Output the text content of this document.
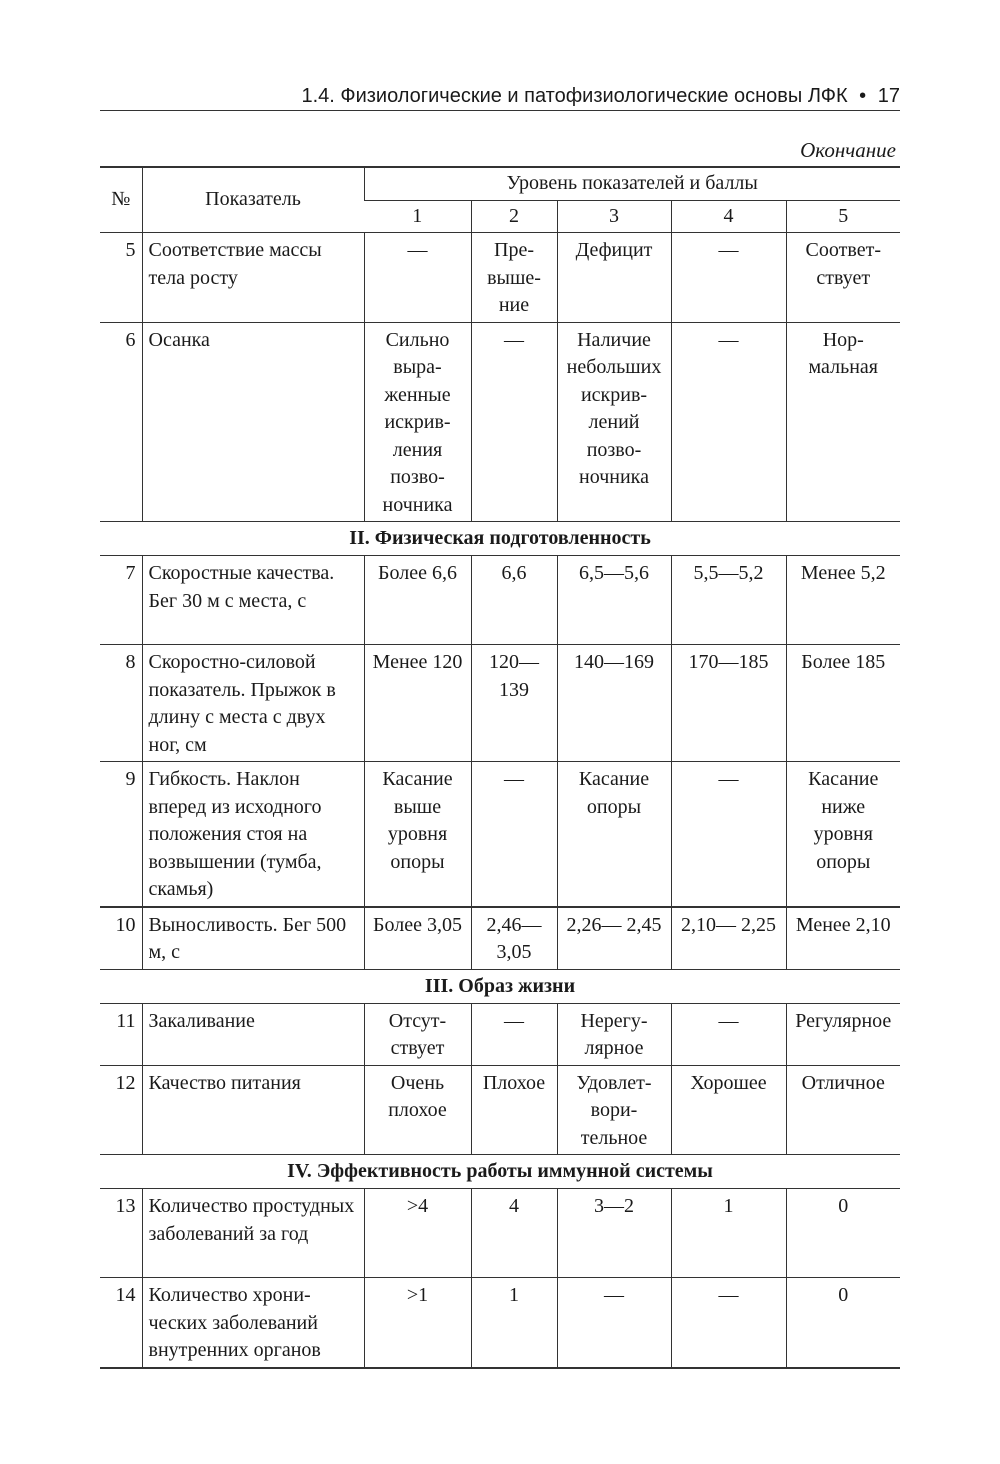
1.4. Физиологические и патофизиологические основы ЛФК • 17
Окончание
№	Показатель	Уровень показателей и баллы				
		1	2	3	4	5
5	Соответствие массы тела росту	—	Превышение	Дефицит	—	Соответствует
6	Осанка	Сильно выраженные искривления позвоночника	—	Наличие небольших искривлений позвоночника	—	Нормальная
II. Физическая подготовленность						
7	Скоростные качества. Бег 30 м с места, с	Более 6,6	6,6	6,5—5,6	5,5—5,2	Менее 5,2
8	Скоростно-силовой показатель. Прыжок в длину с места с двух ног, см	Менее 120	120— 139	140—169	170—185	Более 185
9	Гибкость. Наклон вперед из исходного положения стоя на возвышении (тумба, скамья)	Касание выше уровня опоры	—	Касание опоры	—	Касание ниже уровня опоры
10	Выносливость. Бег 500 м, с	Более 3,05	2,46— 3,05	2,26— 2,45	2,10— 2,25	Менее 2,10
III. Образ жизни						
11	Закаливание	Отсутствует	—	Нерегулярное	—	Регулярное
12	Качество питания	Очень плохое	Плохое	Удовлетворительное	Хорошее	Отличное
IV. Эффективность работы иммунной системы						
13	Количество простудных заболеваний за год	>4	4	3—2	1	0
14	Количество хронических заболеваний внутренних органов	>1	1	—	—	0
